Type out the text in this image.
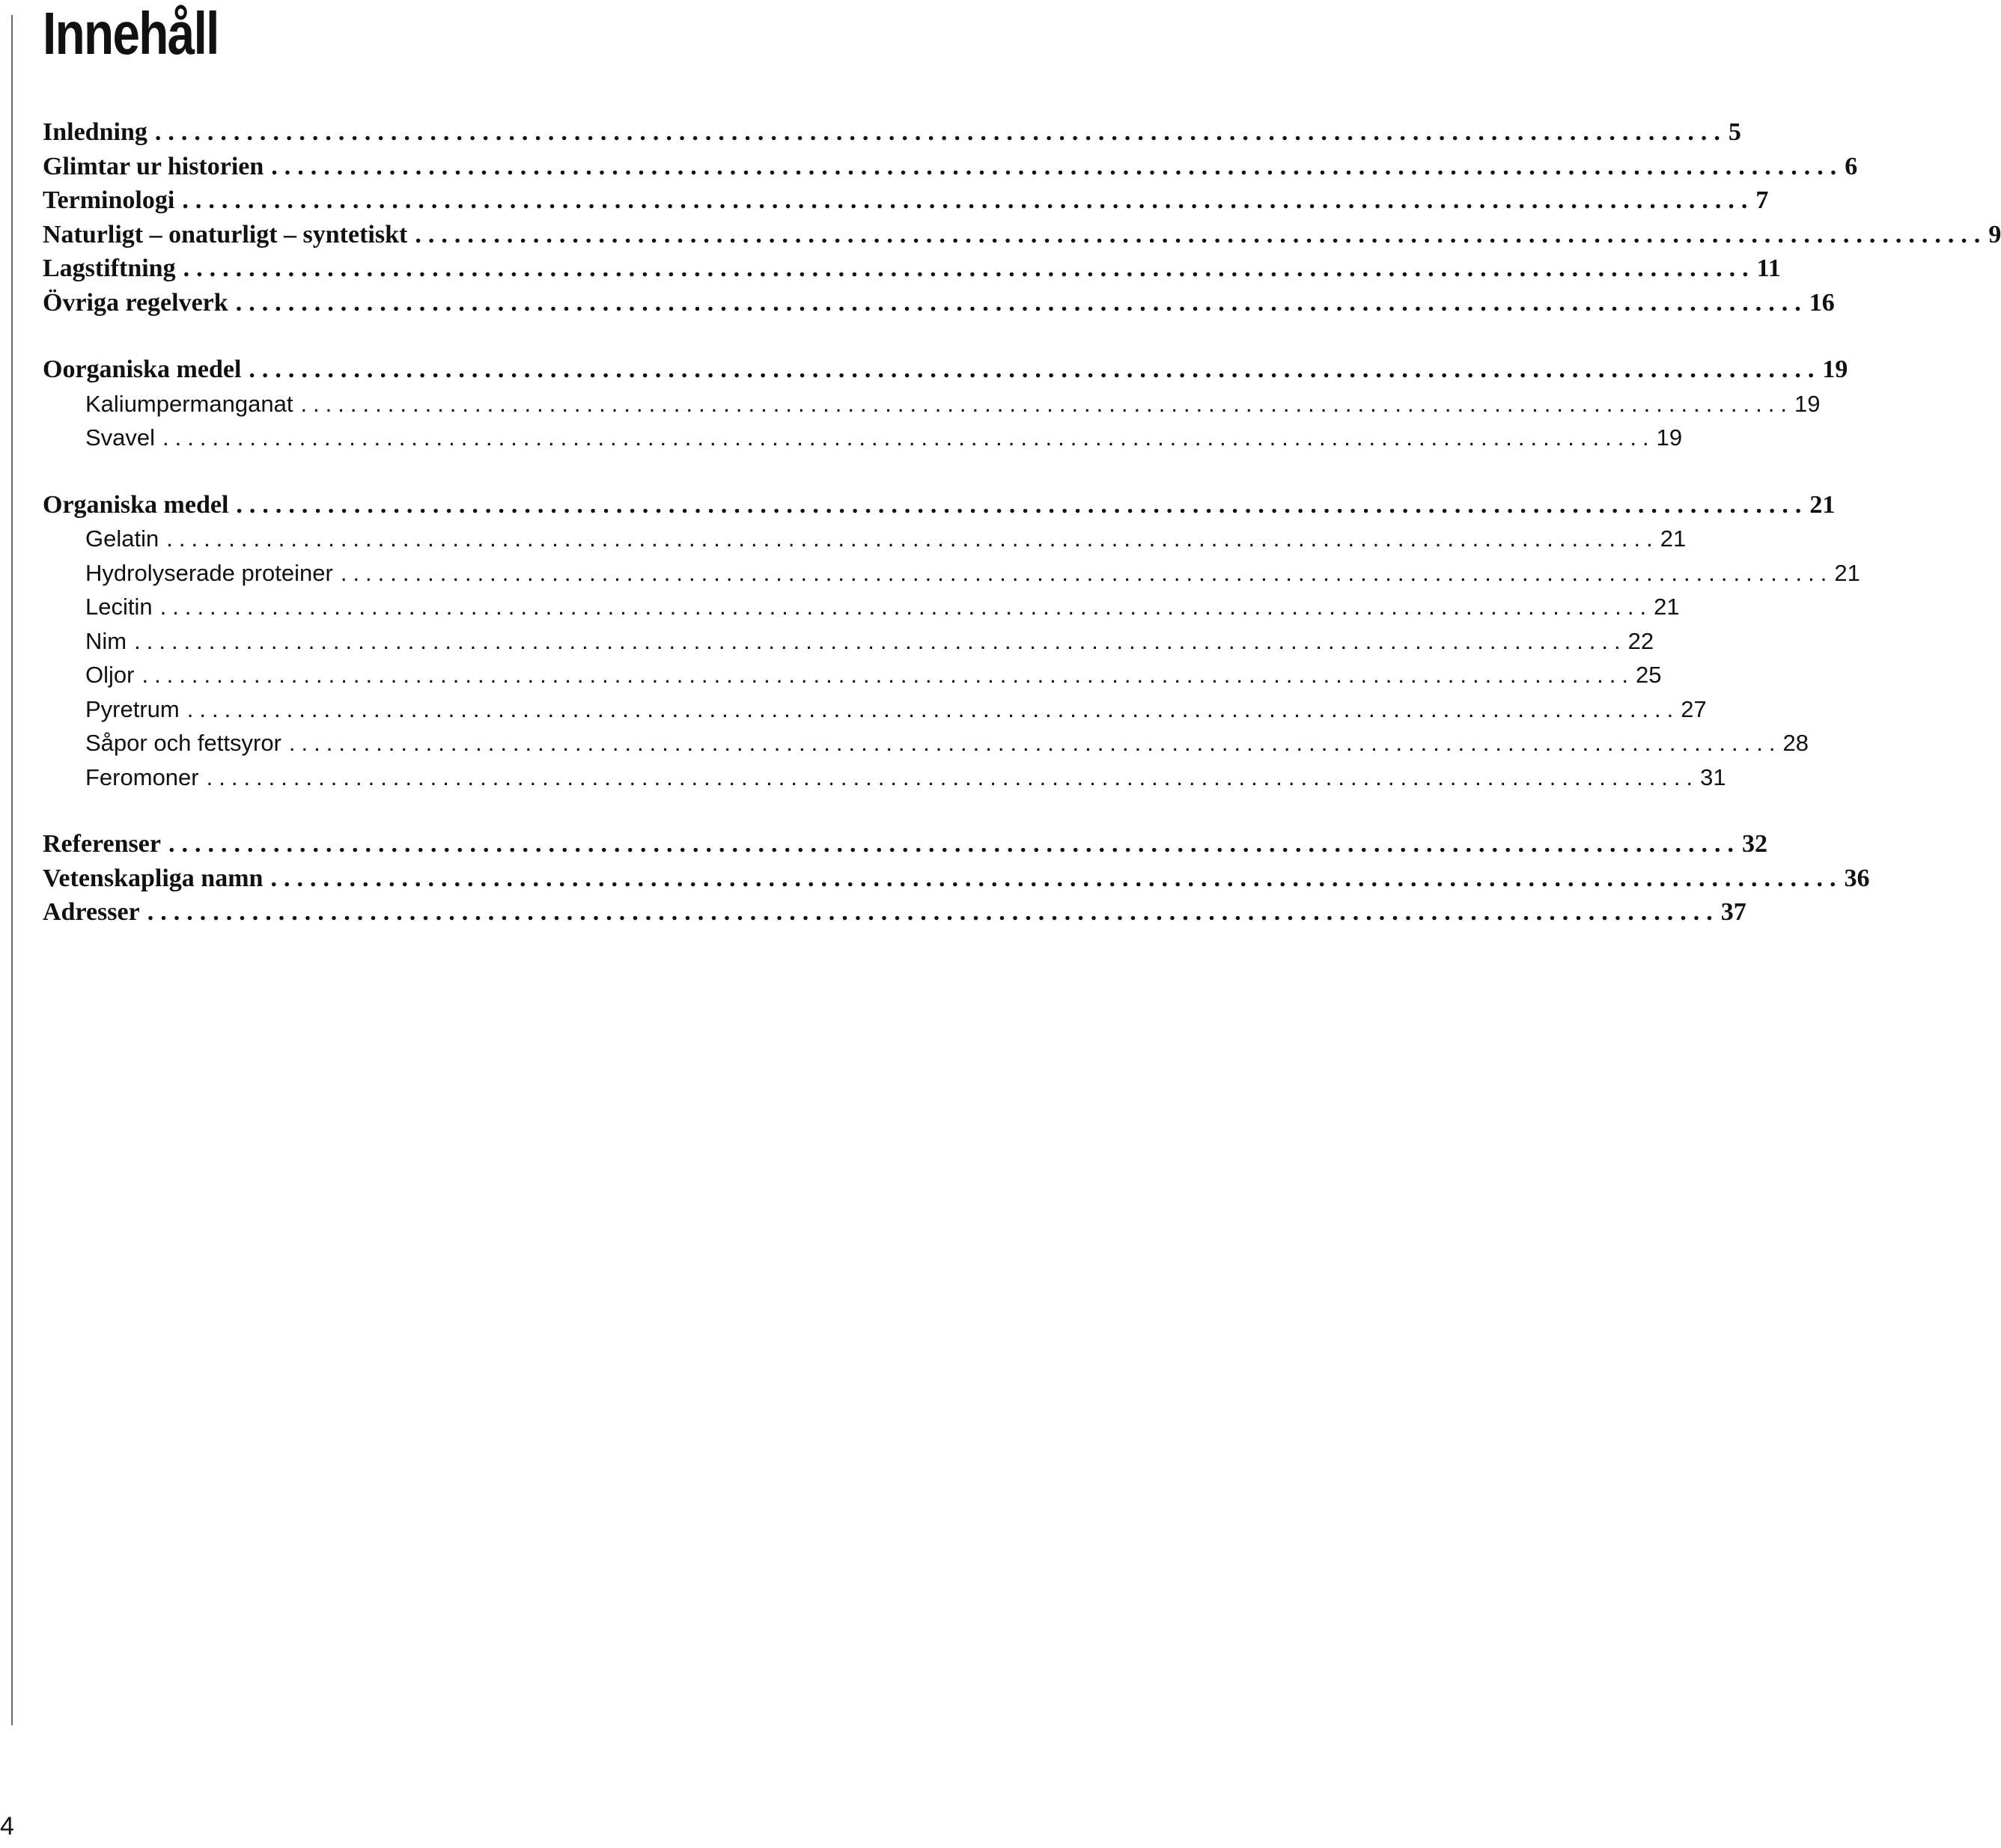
Innehåll
Inledning ........................................................................................................................ 5
Glimtar ur historien ........................................................................................................................ 6
Terminologi ........................................................................................................................ 7
Naturligt – onaturligt – syntetiskt ........................................................................................................................ 9
Lagstiftning ........................................................................................................................ 11
Övriga regelverk ........................................................................................................................ 16
Oorganiska medel ........................................................................................................................ 19
Kaliumpermanganat ........................................................................................................................ 19
Svavel ........................................................................................................................ 19
Organiska medel ........................................................................................................................ 21
Gelatin ........................................................................................................................ 21
Hydrolyserade proteiner ........................................................................................................................ 21
Lecitin ........................................................................................................................ 21
Nim ........................................................................................................................ 22
Oljor ........................................................................................................................ 25
Pyretrum ........................................................................................................................ 27
Såpor och fettsyror ........................................................................................................................ 28
Feromoner ........................................................................................................................ 31
Referenser ........................................................................................................................ 32
Vetenskapliga namn ........................................................................................................................ 36
Adresser ........................................................................................................................ 37
4
